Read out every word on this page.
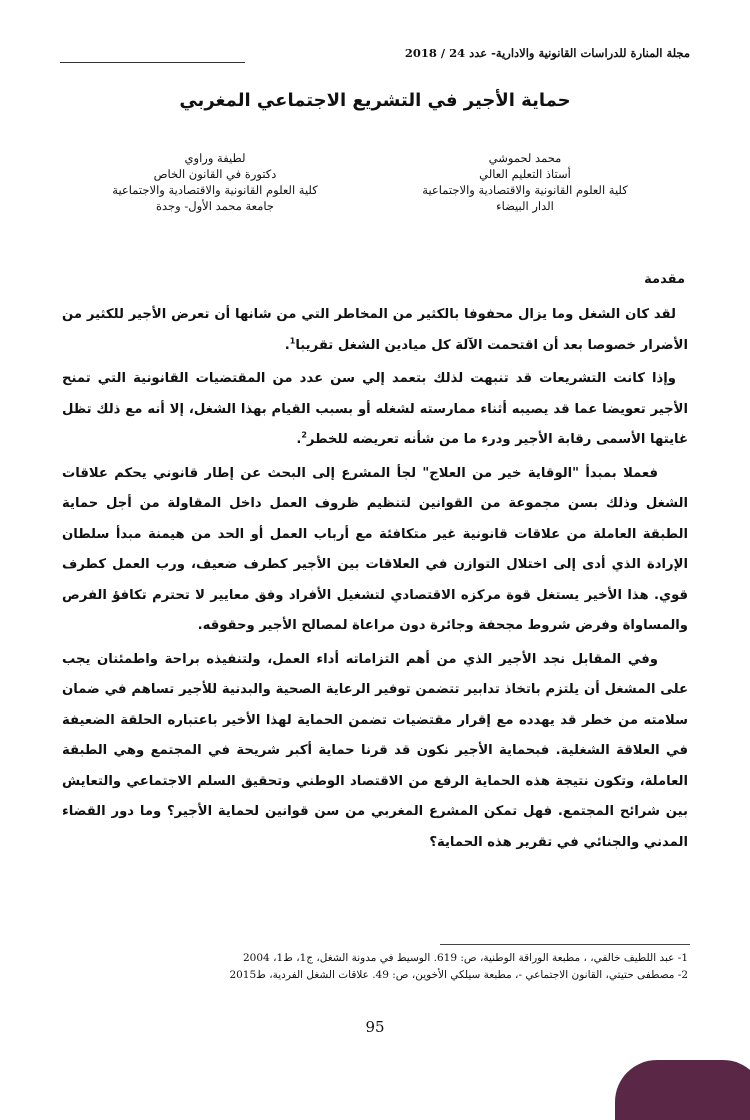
مجلة المنارة للدراسات القانونية والادارية- عدد 24 / 2018
حماية الأجير في التشريع الاجتماعي المغربي
محمد لحموشي
أستاذ التعليم العالي
كلية العلوم القانونية والاقتصادية والاجتماعية
الدار البيضاء
لطيفة وراوي
دكتورة في القانون الخاص
كلية العلوم القانونية والاقتصادية والاجتماعية
جامعة محمد الأول- وجدة
مقدمة

لقد كان الشغل وما يزال محفوفا بالكثير من المخاطر التي من شانها أن تعرض الأجير للكثير من الأضرار خصوصا بعد أن اقتحمت الآلة كل ميادين الشغل تقريبا$^1$.

وإذا كانت التشريعات قد تنبهت لذلك بتعمد إلي سن عدد من المقتضيات القانونية التي تمنح الأجير تعويضا عما قد يصيبه أثناء ممارسته لشغله أو بسبب القيام بهذا الشغل، إلا أنه مع ذلك تظل غايتها الأسمى رقابة الأجير ودرء ما من شأنه تعريضه للخطر$^2$.

فعملا بمبدأ "الوقاية خير من العلاج" لجأ المشرع إلى البحث عن إطار قانوني يحكم علاقات الشغل وذلك بسن مجموعة من القوانين لتنظيم ظروف العمل داخل المقاولة من أجل حماية الطبقة العاملة من علاقات قانونية غير متكافئة مع أرباب العمل أو الحد من هيمنة مبدأ سلطان الإرادة الذي أدى إلى اختلال التوازن في العلاقات بين الأجير كطرف ضعيف، ورب العمل كطرف قوي. هذا الأخير يستغل قوة مركزه الاقتصادي لتشغيل الأفراد وفق معايير لا تحترم تكافؤ الفرص والمساواة وفرض شروط مجحفة وجائرة دون مراعاة لمصالح الأجير وحقوقه.

وفي المقابل نجد الأجير الذي من أهم التزاماته أداء العمل، ولتنفيذه براحة واطمئنان يجب على المشغل أن يلتزم باتخاذ تدابير تتضمن توفير الرعاية الصحية والبدنية للأجير تساهم في ضمان سلامته من خطر قد يهدده مع إقرار مقتضيات تضمن الحماية لهذا الأخير باعتباره الحلقة الضعيفة في العلاقة الشغلية. فبحماية الأجير نكون قد قرنا حماية أكبر شريحة في المجتمع وهي الطبقة العاملة، وتكون نتيجة هذه الحماية الرفع من الاقتصاد الوطني وتحقيق السلم الاجتماعي والتعايش بين شرائح المجتمع. فهل تمكن المشرع المغربي من سن قوانين لحماية الأجير؟ وما دور القضاء المدني والجنائي في تقرير هذه الحماية؟

1- عبد اللطيف خالفي، ، مطبعة الوراقة الوطنية، ص: 619. الوسيط في مدونة الشغل، ج1، ط1، 2004
2- مصطفى حتيتي، القانون الاجتماعي -، مطبعة سيلكي الأخوين، ص: 49. علاقات الشغل الفردية، ط2015
95
